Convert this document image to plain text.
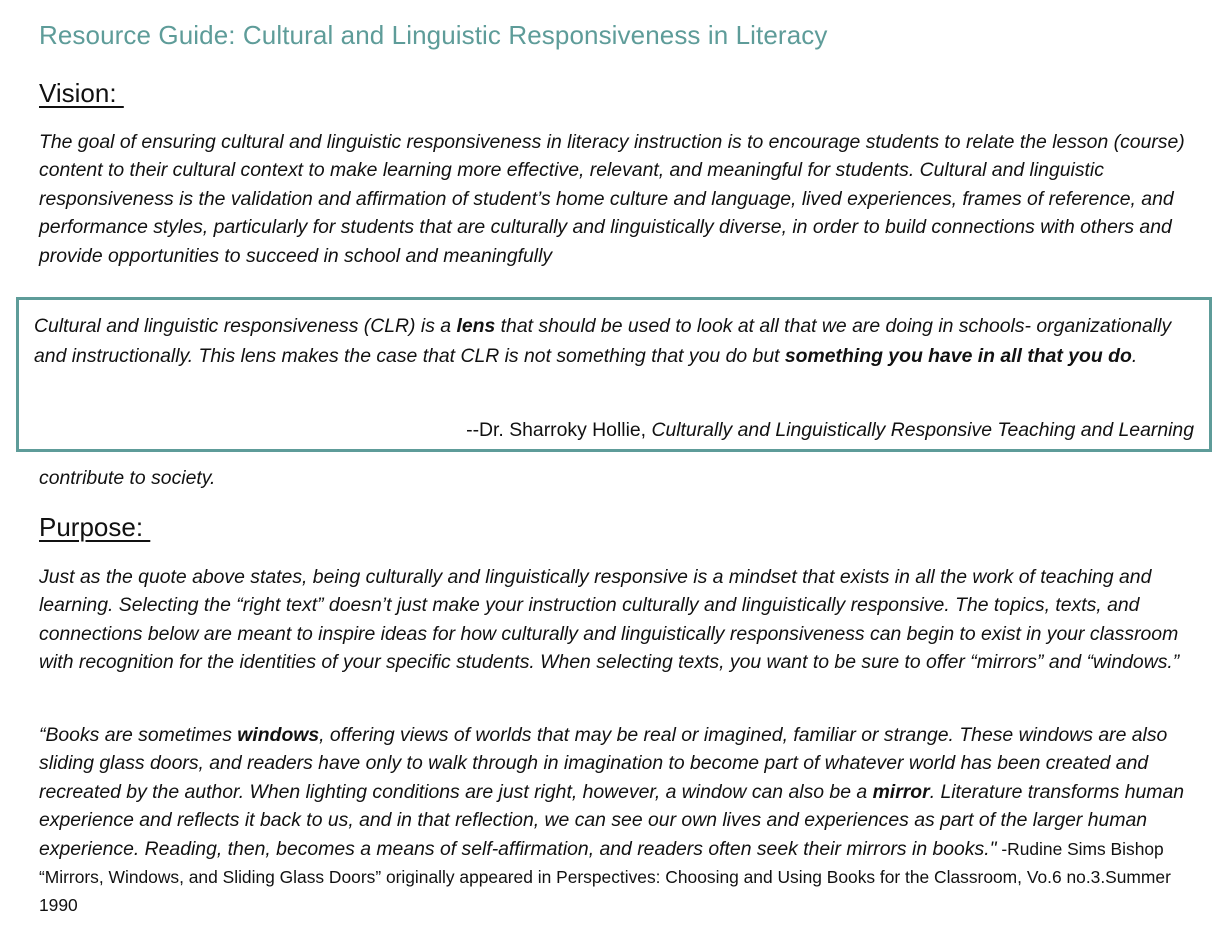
Resource Guide: Cultural and Linguistic Responsiveness in Literacy
Vision:

The goal of ensuring cultural and linguistic responsiveness in literacy instruction is to encourage students to relate the lesson (course) content to their cultural context to make learning more effective, relevant, and meaningful for students. Cultural and linguistic responsiveness is the validation and affirmation of student’s home culture and language, lived experiences, frames of reference, and performance styles, particularly for students that are culturally and linguistically diverse, in order to build connections with others and provide opportunities to succeed in school and meaningfully

Cultural and linguistic responsiveness (CLR) is a lens that should be used to look at all that we are doing in schools- organizationally and instructionally. This lens makes the case that CLR is not something that you do but something you have in all that you do.

--Dr. Sharroky Hollie, Culturally and Linguistically Responsive Teaching and Learning
contribute to society.
Purpose:

Just as the quote above states, being culturally and linguistically responsive is a mindset that exists in all the work of teaching and learning. Selecting the “right text” doesn’t just make your instruction culturally and linguistically responsive. The topics, texts, and connections below are meant to inspire ideas for how culturally and linguistically responsiveness can begin to exist in your classroom with recognition for the identities of your specific students. When selecting texts, you want to be sure to offer “mirrors” and “windows.”

“Books are sometimes windows, offering views of worlds that may be real or imagined, familiar or strange. These windows are also sliding glass doors, and readers have only to walk through in imagination to become part of whatever world has been created and recreated by the author. When lighting conditions are just right, however, a window can also be a mirror. Literature transforms human experience and reflects it back to us, and in that reflection, we can see our own lives and experiences as part of the larger human experience. Reading, then, becomes a means of self-affirmation, and readers often seek their mirrors in books." -Rudine Sims Bishop “Mirrors, Windows, and Sliding Glass Doors” originally appeared in Perspectives: Choosing and Using Books for the Classroom, Vo.6 no.3.Summer 1990
